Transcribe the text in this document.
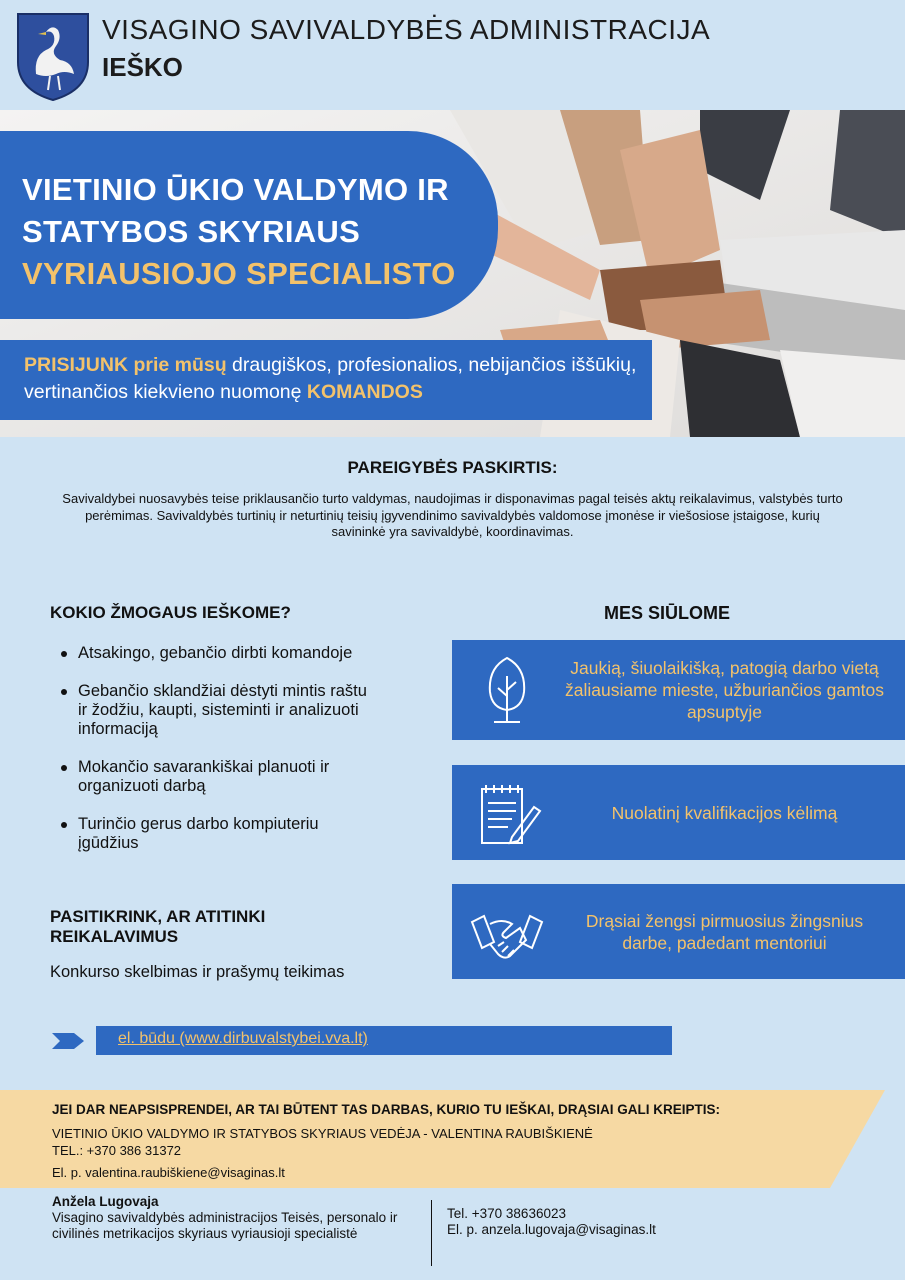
VISAGINO SAVIVALDYBĖS ADMINISTRACIJA
IEŠKO
VIETINIO ŪKIO VALDYMO IR
STATYBOS SKYRIAUS
VYRIAUSIOJO SPECIALISTO
PRISIJUNK prie mūsų draugiškos, profesionalios, nebijančios iššūkių, vertinančios kiekvieno nuomonę KOMANDOS
PAREIGYBĖS PASKIRTIS:
Savivaldybei nuosavybės teise priklausančio turto valdymas, naudojimas ir disponavimas pagal teisės aktų reikalavimus, valstybės turto perėmimas. Savivaldybės turtinių ir neturtinių teisių įgyvendinimo savivaldybės valdomose įmonėse ir viešosiose įstaigose, kurių savininkė yra savivaldybė, koordinavimas.
KOKIO ŽMOGAUS IEŠKOME?
Atsakingo, gebančio dirbti komandoje
Gebančio sklandžiai dėstyti mintis raštu ir žodžiu, kaupti, sisteminti ir analizuoti informaciją
Mokančio savarankiškai planuoti ir organizuoti darbą
Turinčio gerus darbo kompiuteriu įgūdžius
PASITIKRINK, AR ATITINKI REIKALAVIMUS
Konkurso skelbimas ir prašymų teikimas
MES SIŪLOME
Jaukią, šiuolaikišką, patogią darbo vietą žaliausiame mieste, užburiančios gamtos apsuptyje
Nuolatinį kvalifikacijos kėlimą
Drąsiai žengsi pirmuosius žingsnius darbe, padedant mentoriui
el. būdu (www.dirbuvalstybei.vva.lt)
JEI DAR NEAPSISPRENDEI, AR TAI BŪTENT TAS DARBAS, KURIO TU IEŠKAI, DRĄSIAI GALI KREIPTIS:
VIETINIO ŪKIO VALDYMO IR STATYBOS SKYRIAUS VEDĖJA - VALENTINA RAUBIŠKIENĖ
TEL.: +370 386 31372
El. p. valentina.raubiškiene@visaginas.lt
Anžela Lugovaja
Visagino savivaldybės administracijos Teisės, personalo ir civilinės metrikacijos skyriaus vyriausioji specialistė
Tel. +370 38636023
El. p. anzela.lugovaja@visaginas.lt
